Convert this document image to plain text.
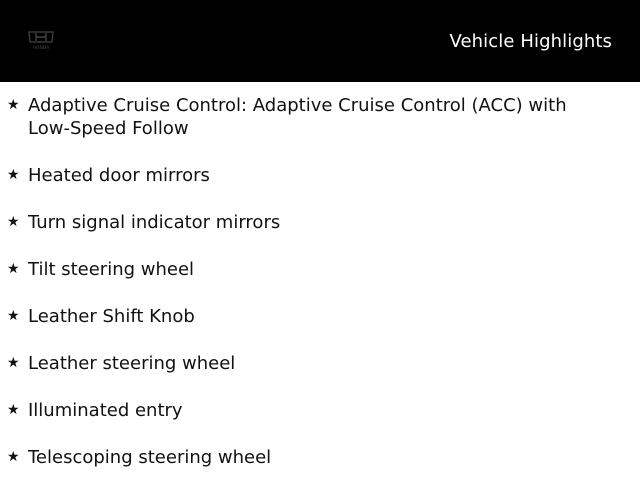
HONDA	Vehicle Highlights
★ Adaptive Cruise Control: Adaptive Cruise Control (ACC) with Low-Speed Follow
★ Heated door mirrors
★ Turn signal indicator mirrors
★ Tilt steering wheel
★ Leather Shift Knob
★ Leather steering wheel
★ Illuminated entry
★ Telescoping steering wheel
